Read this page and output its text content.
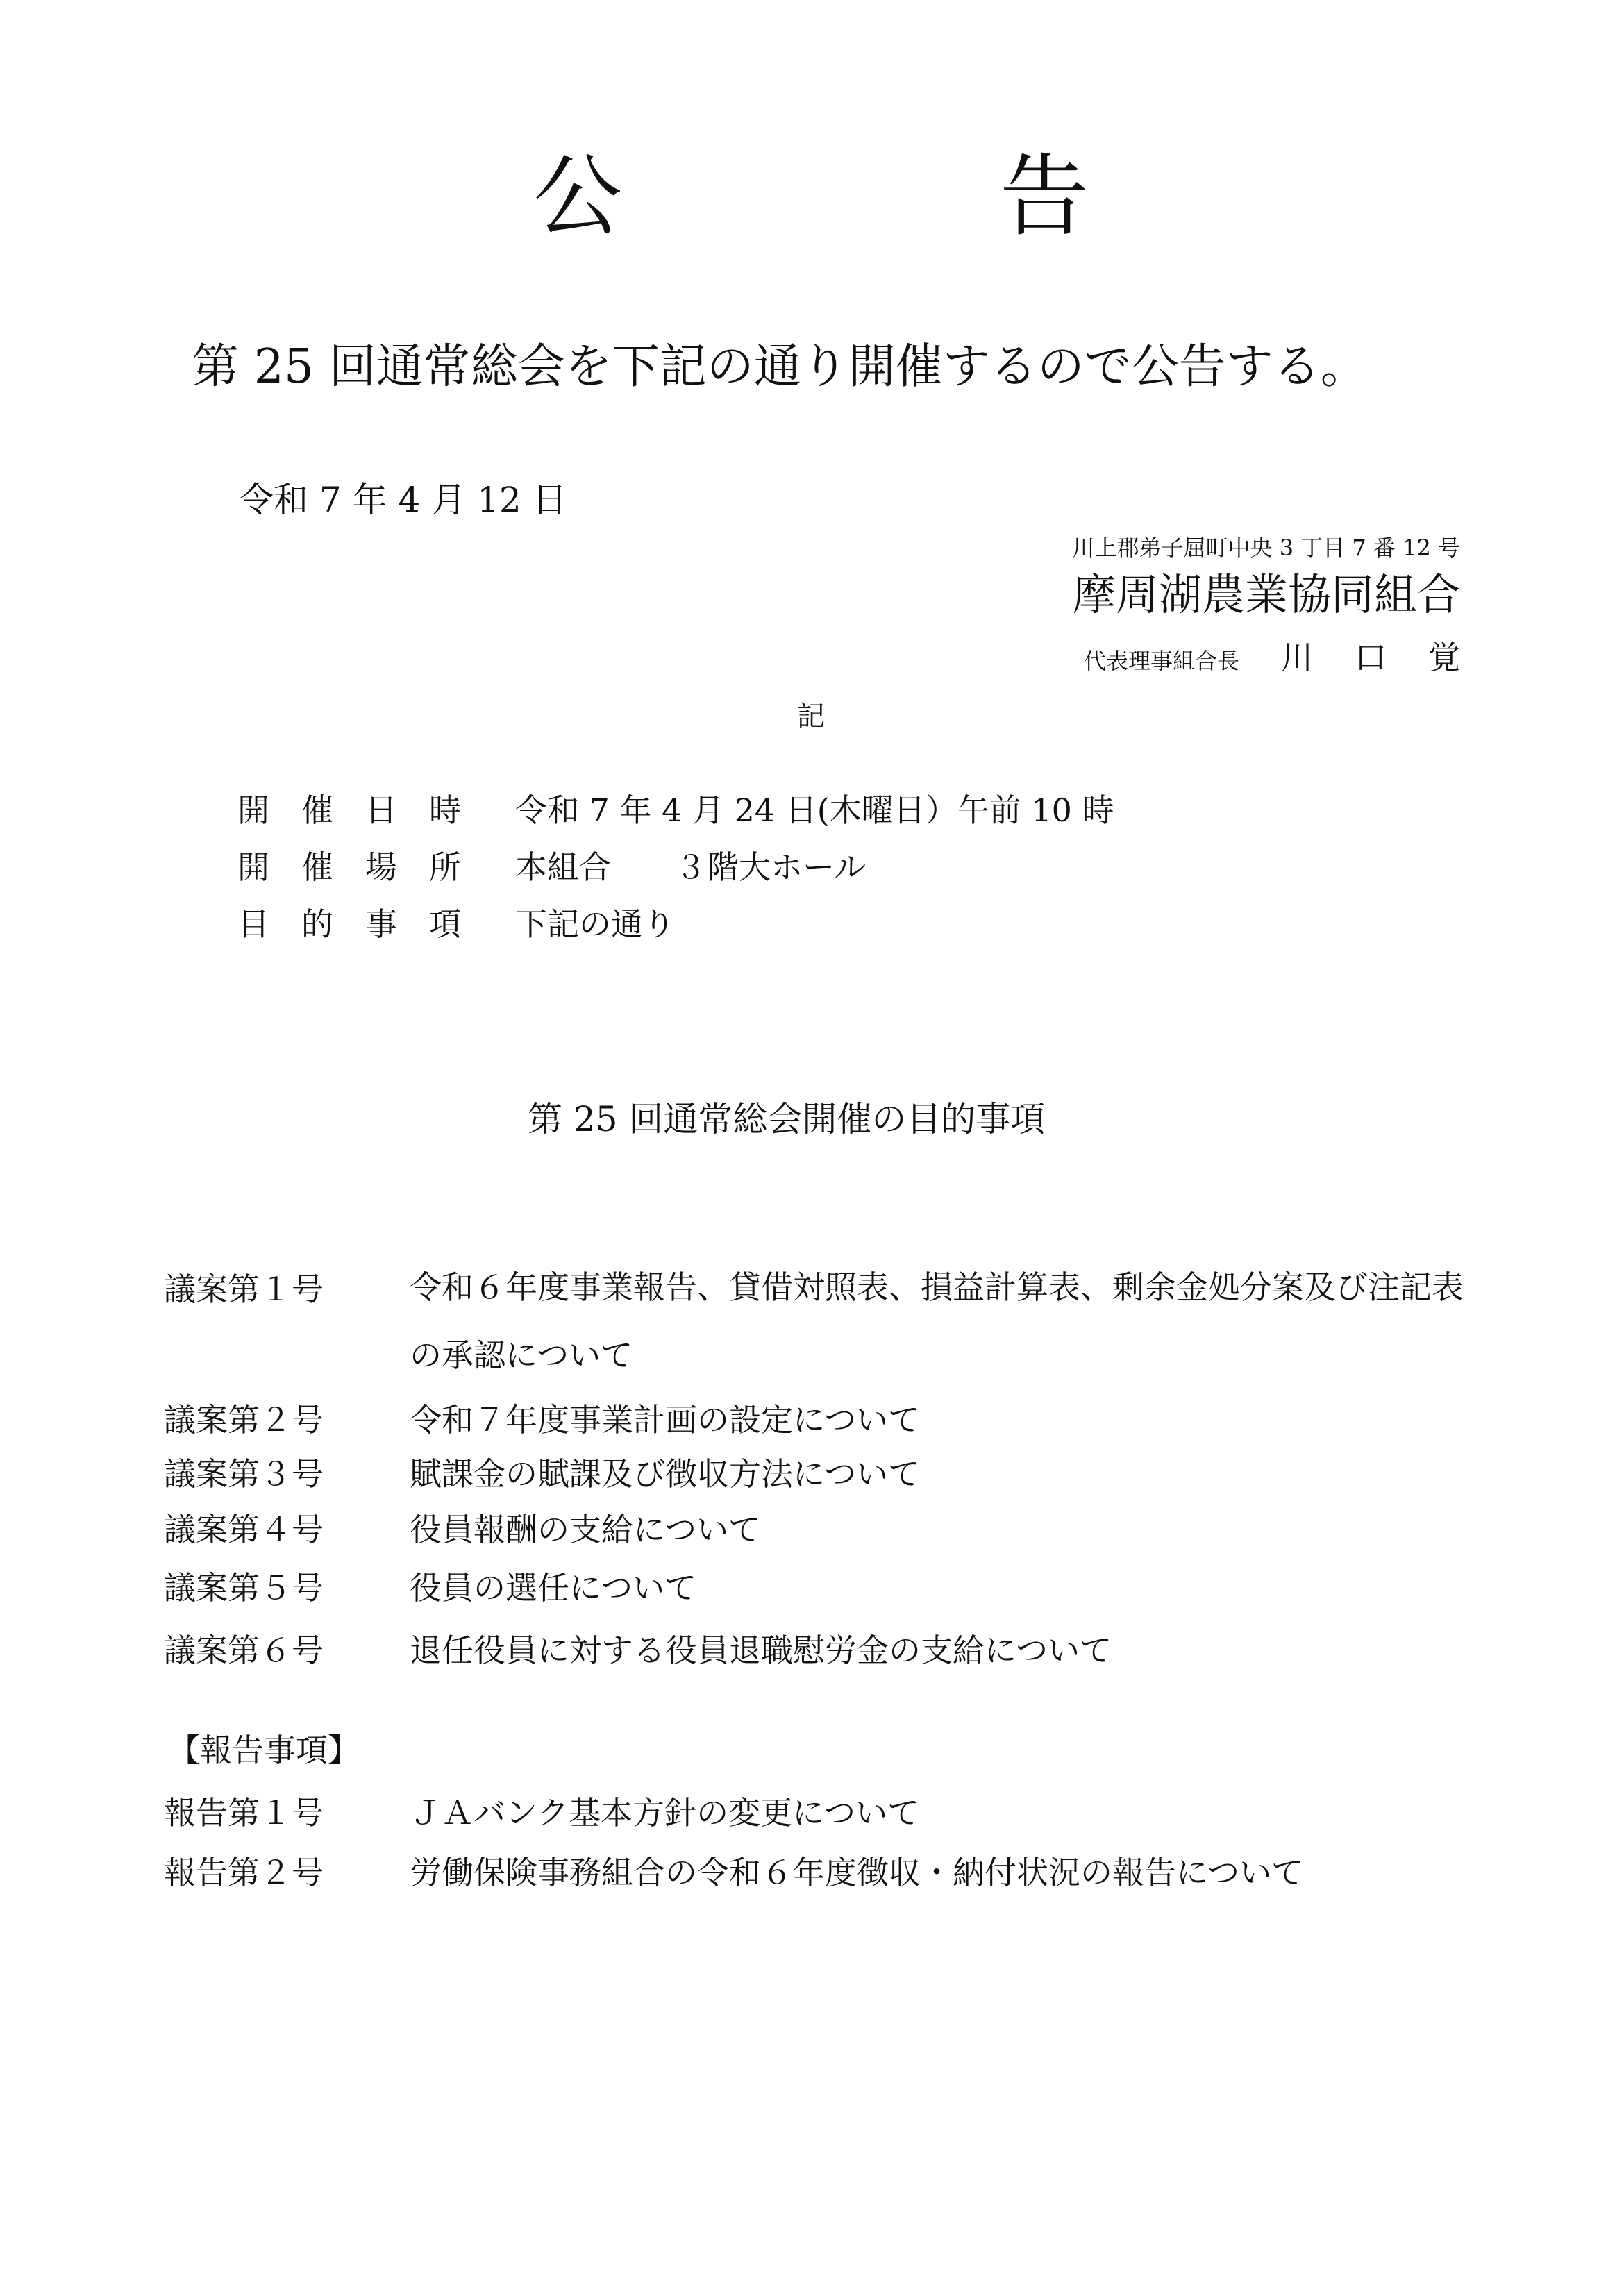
公	告
第 25 回通常総会を下記の通り開催するので公告する。
令和 7 年 4 月 12 日
川上郡弟子屈町中央 3 丁目 7 番 12 号
摩周湖農業協同組合
代表理事組合長 川口覚
記
開催日時 令和 7 年 4 月 24 日(木曜日）午前 10 時
開催場所 本組合　　３階大ホール
目的事項 下記の通り
第 25 回通常総会開催の目的事項
議案第１号	令和６年度事業報告、貸借対照表、損益計算表、剰余金処分案及び注記表の承認について
議案第２号	令和７年度事業計画の設定について
議案第３号	賦課金の賦課及び徴収方法について
議案第４号	役員報酬の支給について
議案第５号	役員の選任について
議案第６号	退任役員に対する役員退職慰労金の支給について
【報告事項】
報告第１号	ＪＡバンク基本方針の変更について
報告第２号	労働保険事務組合の令和６年度徴収・納付状況の報告について
